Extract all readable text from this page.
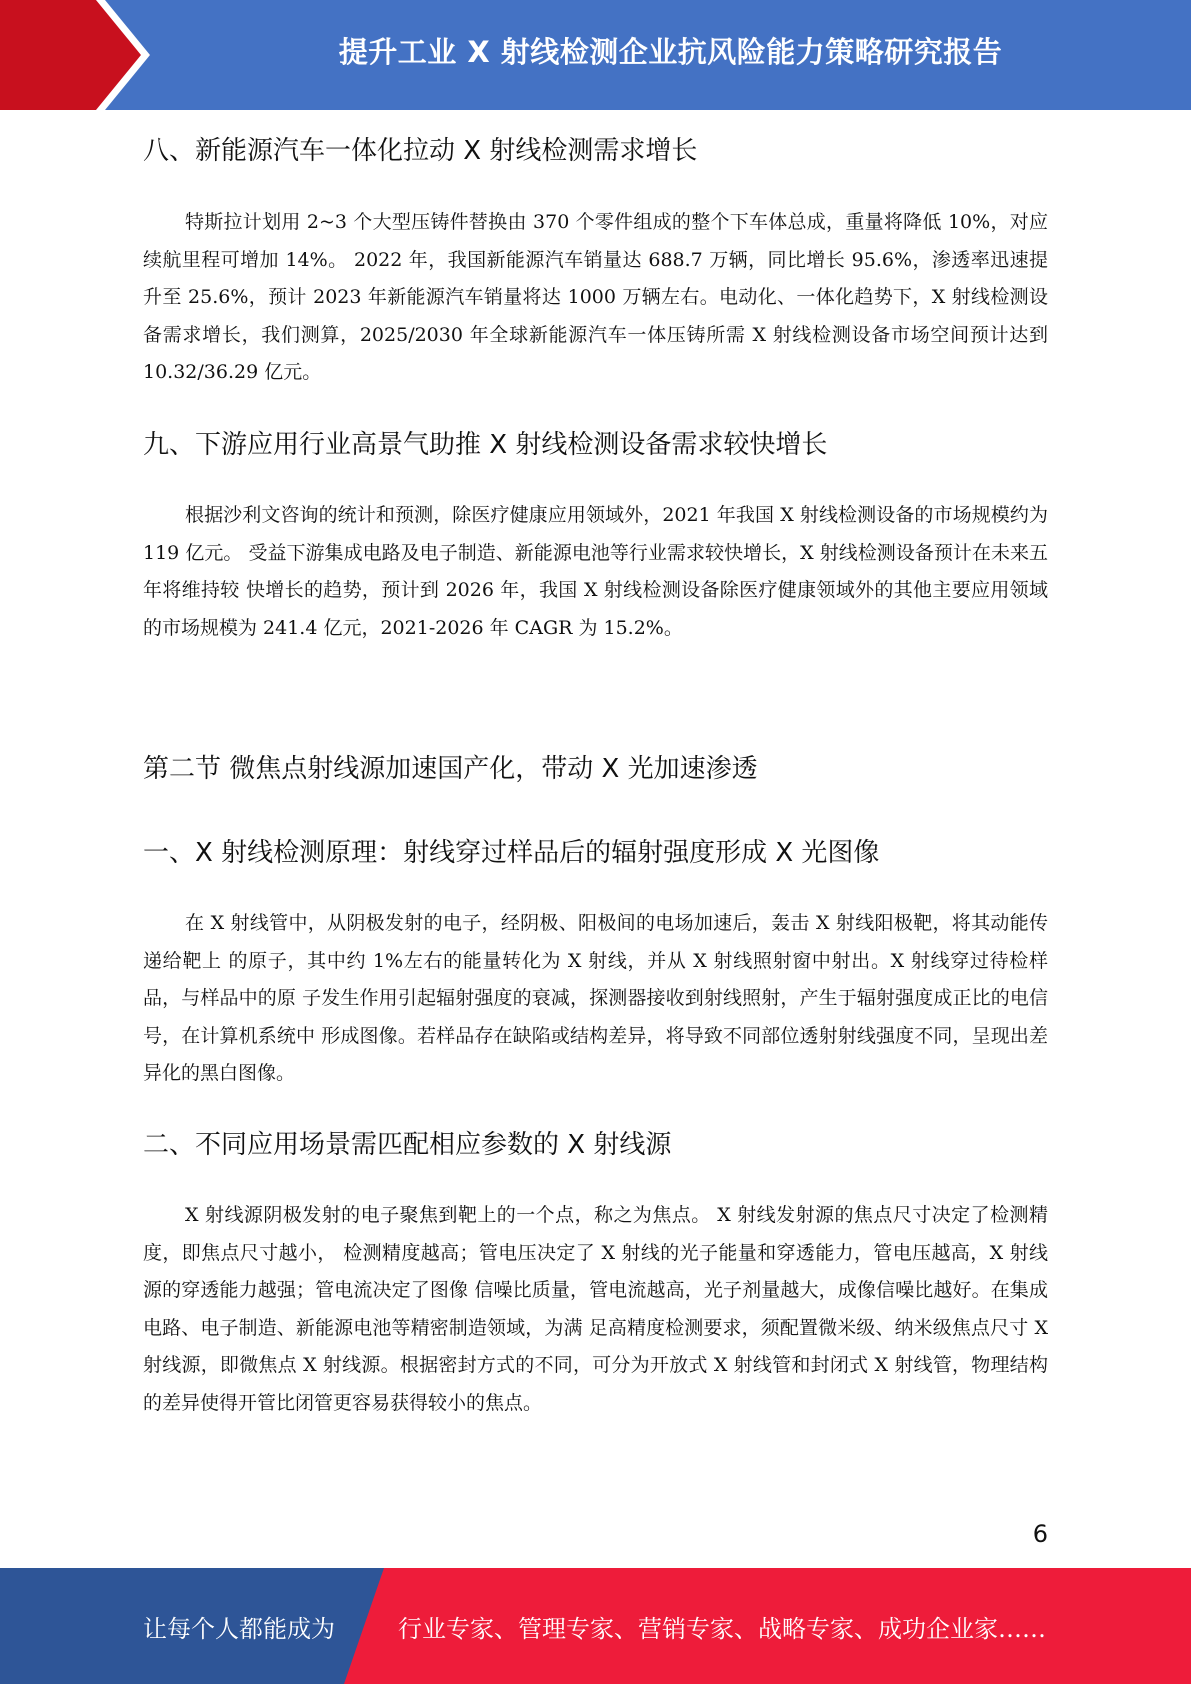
提升工业 X 射线检测企业抗风险能力策略研究报告
八、新能源汽车一体化拉动 X 射线检测需求增长
特斯拉计划用 2~3 个大型压铸件替换由 370 个零件组成的整个下车体总成，重量将降低 10%，对应续航里程可增加 14%。 2022 年，我国新能源汽车销量达 688.7 万辆，同比增长 95.6%，渗透率迅速提升至 25.6%，预计 2023 年新能源汽车销量将达 1000 万辆左右。电动化、一体化趋势下，X 射线检测设备需求增长，我们测算，2025/2030 年全球新能源汽车一体压铸所需 X 射线检测设备市场空间预计达到 10.32/36.29 亿元。
九、下游应用行业高景气助推 X 射线检测设备需求较快增长
根据沙利文咨询的统计和预测，除医疗健康应用领域外，2021 年我国 X 射线检测设备的市场规模约为 119 亿元。 受益下游集成电路及电子制造、新能源电池等行业需求较快增长，X 射线检测设备预计在未来五年将维持较 快增长的趋势，预计到 2026 年，我国 X 射线检测设备除医疗健康领域外的其他主要应用领域的市场规模为 241.4 亿元，2021-2026 年 CAGR 为 15.2%。
第二节 微焦点射线源加速国产化，带动 X 光加速渗透
一、X 射线检测原理：射线穿过样品后的辐射强度形成 X 光图像
在 X 射线管中，从阴极发射的电子，经阴极、阳极间的电场加速后，轰击 X 射线阳极靶，将其动能传递给靶上 的原子，其中约 1%左右的能量转化为 X 射线，并从 X 射线照射窗中射出。X 射线穿过待检样品，与样品中的原 子发生作用引起辐射强度的衰减，探测器接收到射线照射，产生于辐射强度成正比的电信号，在计算机系统中 形成图像。若样品存在缺陷或结构差异，将导致不同部位透射射线强度不同，呈现出差异化的黑白图像。
二、不同应用场景需匹配相应参数的 X 射线源
X 射线源阴极发射的电子聚焦到靶上的一个点，称之为焦点。 X 射线发射源的焦点尺寸决定了检测精度，即焦点尺寸越小， 检测精度越高；管电压决定了 X 射线的光子能量和穿透能力，管电压越高，X 射线源的穿透能力越强；管电流决定了图像 信噪比质量，管电流越高，光子剂量越大，成像信噪比越好。在集成电路、电子制造、新能源电池等精密制造领域，为满 足高精度检测要求，须配置微米级、纳米级焦点尺寸 X 射线源，即微焦点 X 射线源。根据密封方式的不同，可分为开放式 X 射线管和封闭式 X 射线管，物理结构的差异使得开管比闭管更容易获得较小的焦点。
6
让每个人都能成为	行业专家、管理专家、营销专家、战略专家、成功企业家……
